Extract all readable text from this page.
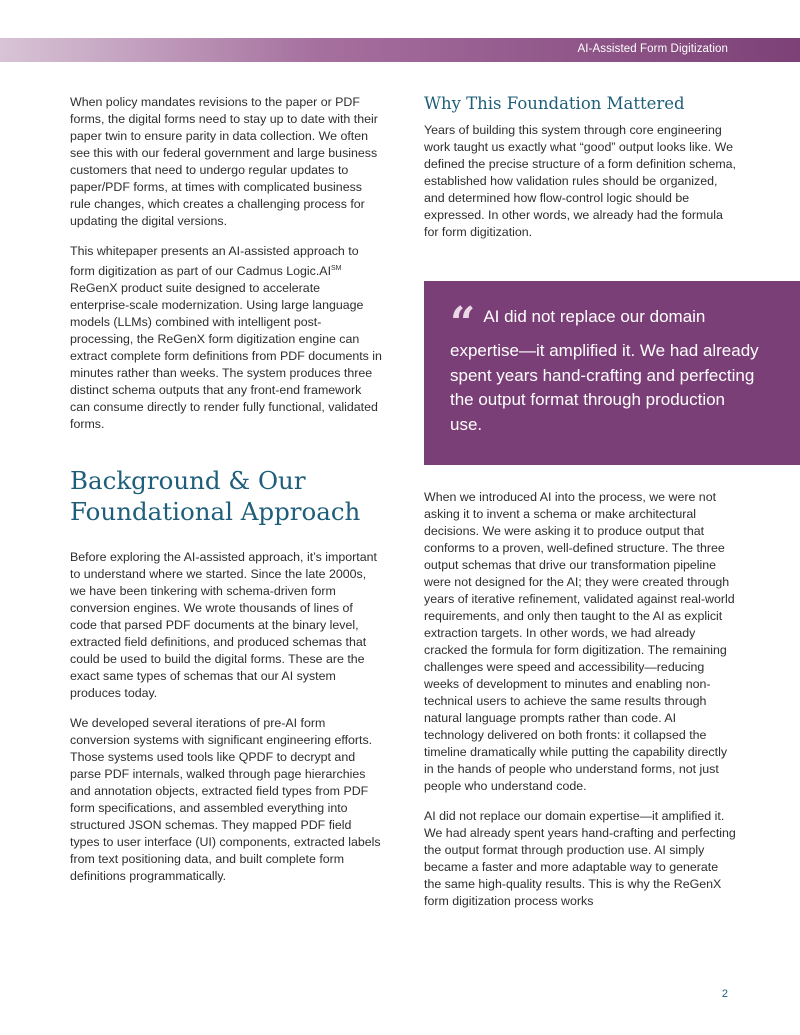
AI-Assisted Form Digitization

When policy mandates revisions to the paper or PDF forms, the digital forms need to stay up to date with their paper twin to ensure parity in data collection. We often see this with our federal government and large business customers that need to undergo regular updates to paper/PDF forms, at times with complicated business rule changes, which creates a challenging process for updating the digital versions.

This whitepaper presents an AI-assisted approach to form digitization as part of our Cadmus Logic.AI℠ ReGenX product suite designed to accelerate enterprise-scale modernization. Using large language models (LLMs) combined with intelligent post-processing, the ReGenX form digitization engine can extract complete form definitions from PDF documents in minutes rather than weeks. The system produces three distinct schema outputs that any front-end framework can consume directly to render fully functional, validated forms.

Background & Our Foundational Approach

Before exploring the AI-assisted approach, it’s important to understand where we started. Since the late 2000s, we have been tinkering with schema-driven form conversion engines. We wrote thousands of lines of code that parsed PDF documents at the binary level, extracted field definitions, and produced schemas that could be used to build the digital forms. These are the exact same types of schemas that our AI system produces today.

We developed several iterations of pre-AI form conversion systems with significant engineering efforts. Those systems used tools like QPDF to decrypt and parse PDF internals, walked through page hierarchies and annotation objects, extracted field types from PDF form specifications, and assembled everything into structured JSON schemas. They mapped PDF field types to user interface (UI) components, extracted labels from text positioning data, and built complete form definitions programmatically.

Why This Foundation Mattered

Years of building this system through core engineering work taught us exactly what “good” output looks like. We defined the precise structure of a form definition schema, established how validation rules should be organized, and determined how flow-control logic should be expressed. In other words, we already had the formula for form digitization.

“ AI did not replace our domain expertise—it amplified it. We had already spent years hand-crafting and perfecting the output format through production use.

When we introduced AI into the process, we were not asking it to invent a schema or make architectural decisions. We were asking it to produce output that conforms to a proven, well-defined structure. The three output schemas that drive our transformation pipeline were not designed for the AI; they were created through years of iterative refinement, validated against real-world requirements, and only then taught to the AI as explicit extraction targets. In other words, we had already cracked the formula for form digitization. The remaining challenges were speed and accessibility—reducing weeks of development to minutes and enabling non-technical users to achieve the same results through natural language prompts rather than code. AI technology delivered on both fronts: it collapsed the timeline dramatically while putting the capability directly in the hands of people who understand forms, not just people who understand code.

AI did not replace our domain expertise—it amplified it. We had already spent years hand-crafting and perfecting the output format through production use. AI simply became a faster and more adaptable way to generate the same high-quality results. This is why the ReGenX form digitization process works

2
